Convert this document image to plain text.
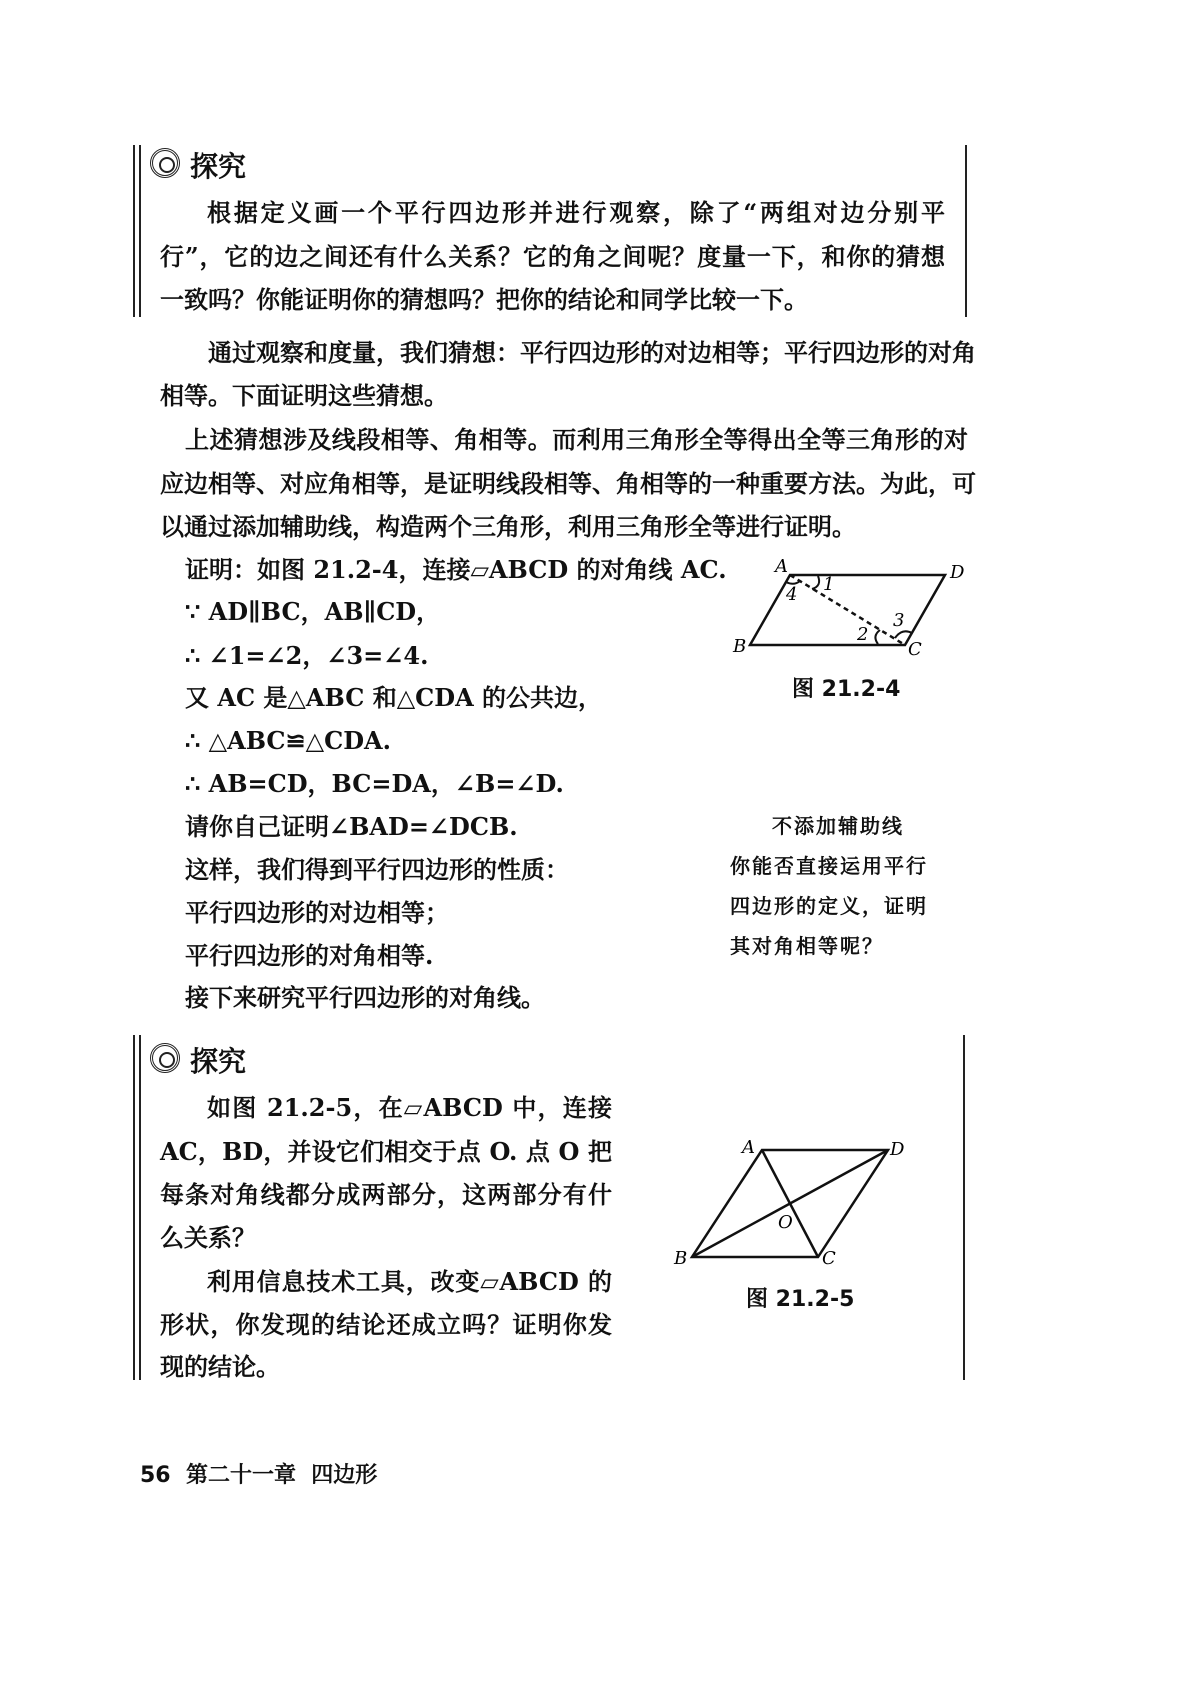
探究
根据定义画一个平行四边形并进行观察，除了“两组对边分别平
行”，它的边之间还有什么关系？它的角之间呢？度量一下，和你的猜想
一致吗？你能证明你的猜想吗？把你的结论和同学比较一下。
通过观察和度量，我们猜想：平行四边形的对边相等；平行四边形的对角
相等。下面证明这些猜想。
上述猜想涉及线段相等、角相等。而利用三角形全等得出全等三角形的对
应边相等、对应角相等，是证明线段相等、角相等的一种重要方法。为此，可
以通过添加辅助线，构造两个三角形，利用三角形全等进行证明。
证明：如图 21.2-4，连接▱ABCD 的对角线 AC.
∵ AD∥BC，AB∥CD，
∴ ∠1=∠2，∠3=∠4.
又 AC 是△ABC 和△CDA 的公共边，
∴ △ABC≌△CDA.
∴ AB=CD，BC=DA，∠B=∠D.
请你自己证明∠BAD=∠DCB.
这样，我们得到平行四边形的性质：
平行四边形的对边相等；
平行四边形的对角相等.
接下来研究平行四边形的对角线。
A	D
B	C
1
4
2
3
A	D
B	C
O
图 21.2-4
图 21.2-5
不添加辅助线
你能否直接运用平行
四边形的定义，证明
其对角相等呢？
探究
如图 21.2-5，在▱ABCD 中，连接
AC，BD，并设它们相交于点 O. 点 O 把
每条对角线都分成两部分，这两部分有什
么关系？
利用信息技术工具，改变▱ABCD 的
形状，你发现的结论还成立吗？证明你发
现的结论。
56 第二十一章 四边形
